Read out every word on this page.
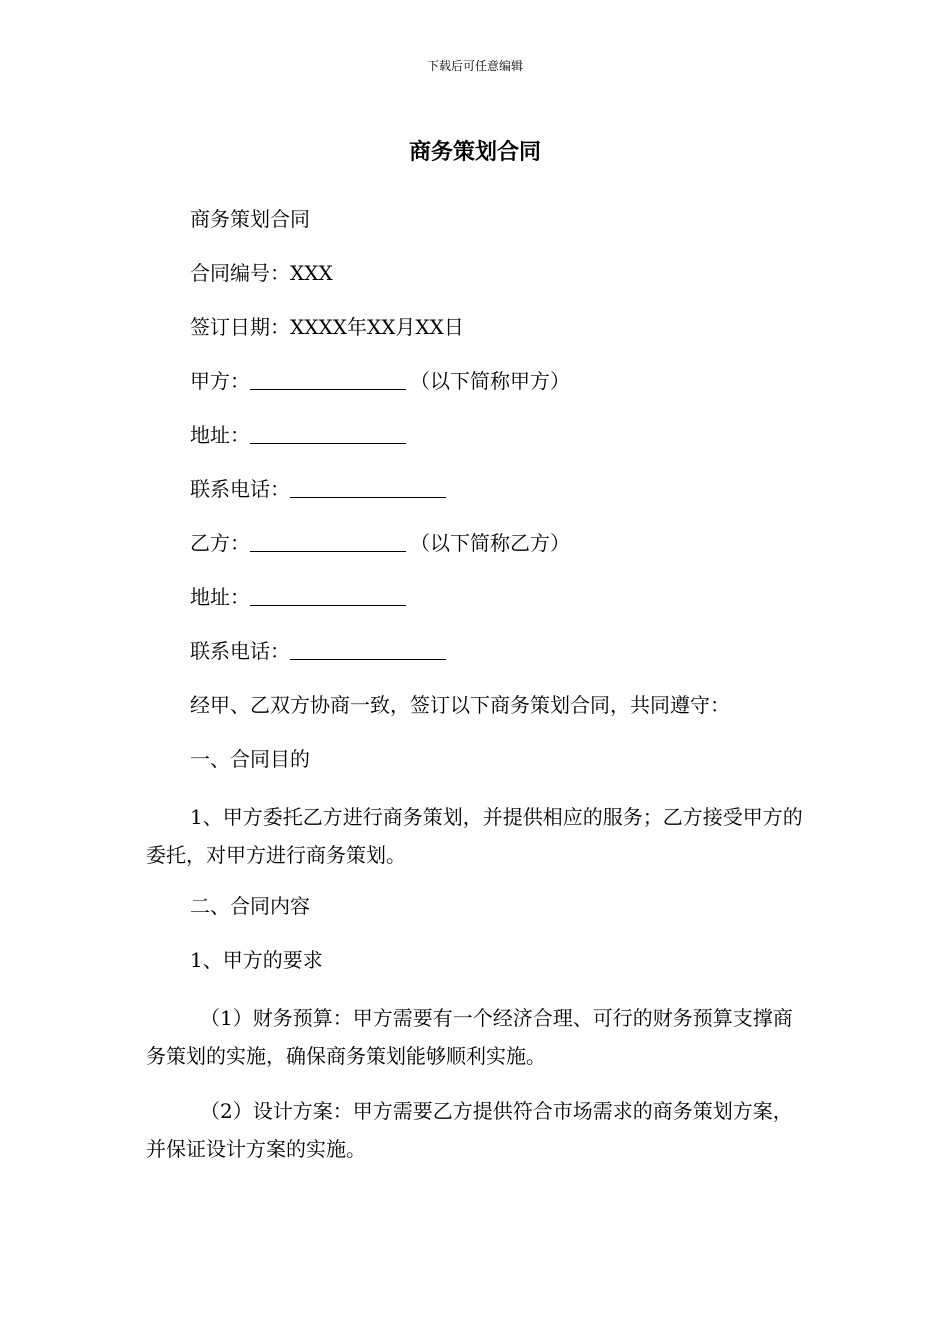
下载后可任意编辑
商务策划合同

商务策划合同

合同编号：XXX

签订日期：XXXX年XX月XX日

甲方：	（以下简称甲方）
地址：
联系电话：
乙方：	（以下简称乙方）
地址：
联系电话：

经甲、乙双方协商一致，签订以下商务策划合同，共同遵守：

一、合同目的

1、甲方委托乙方进行商务策划，并提供相应的服务；乙方接受甲方的委托，对甲方进行商务策划。

二、合同内容

1、甲方的要求

（1）财务预算：甲方需要有一个经济合理、可行的财务预算支撑商务策划的实施，确保商务策划能够顺利实施。

（2）设计方案：甲方需要乙方提供符合市场需求的商务策划方案，并保证设计方案的实施。
